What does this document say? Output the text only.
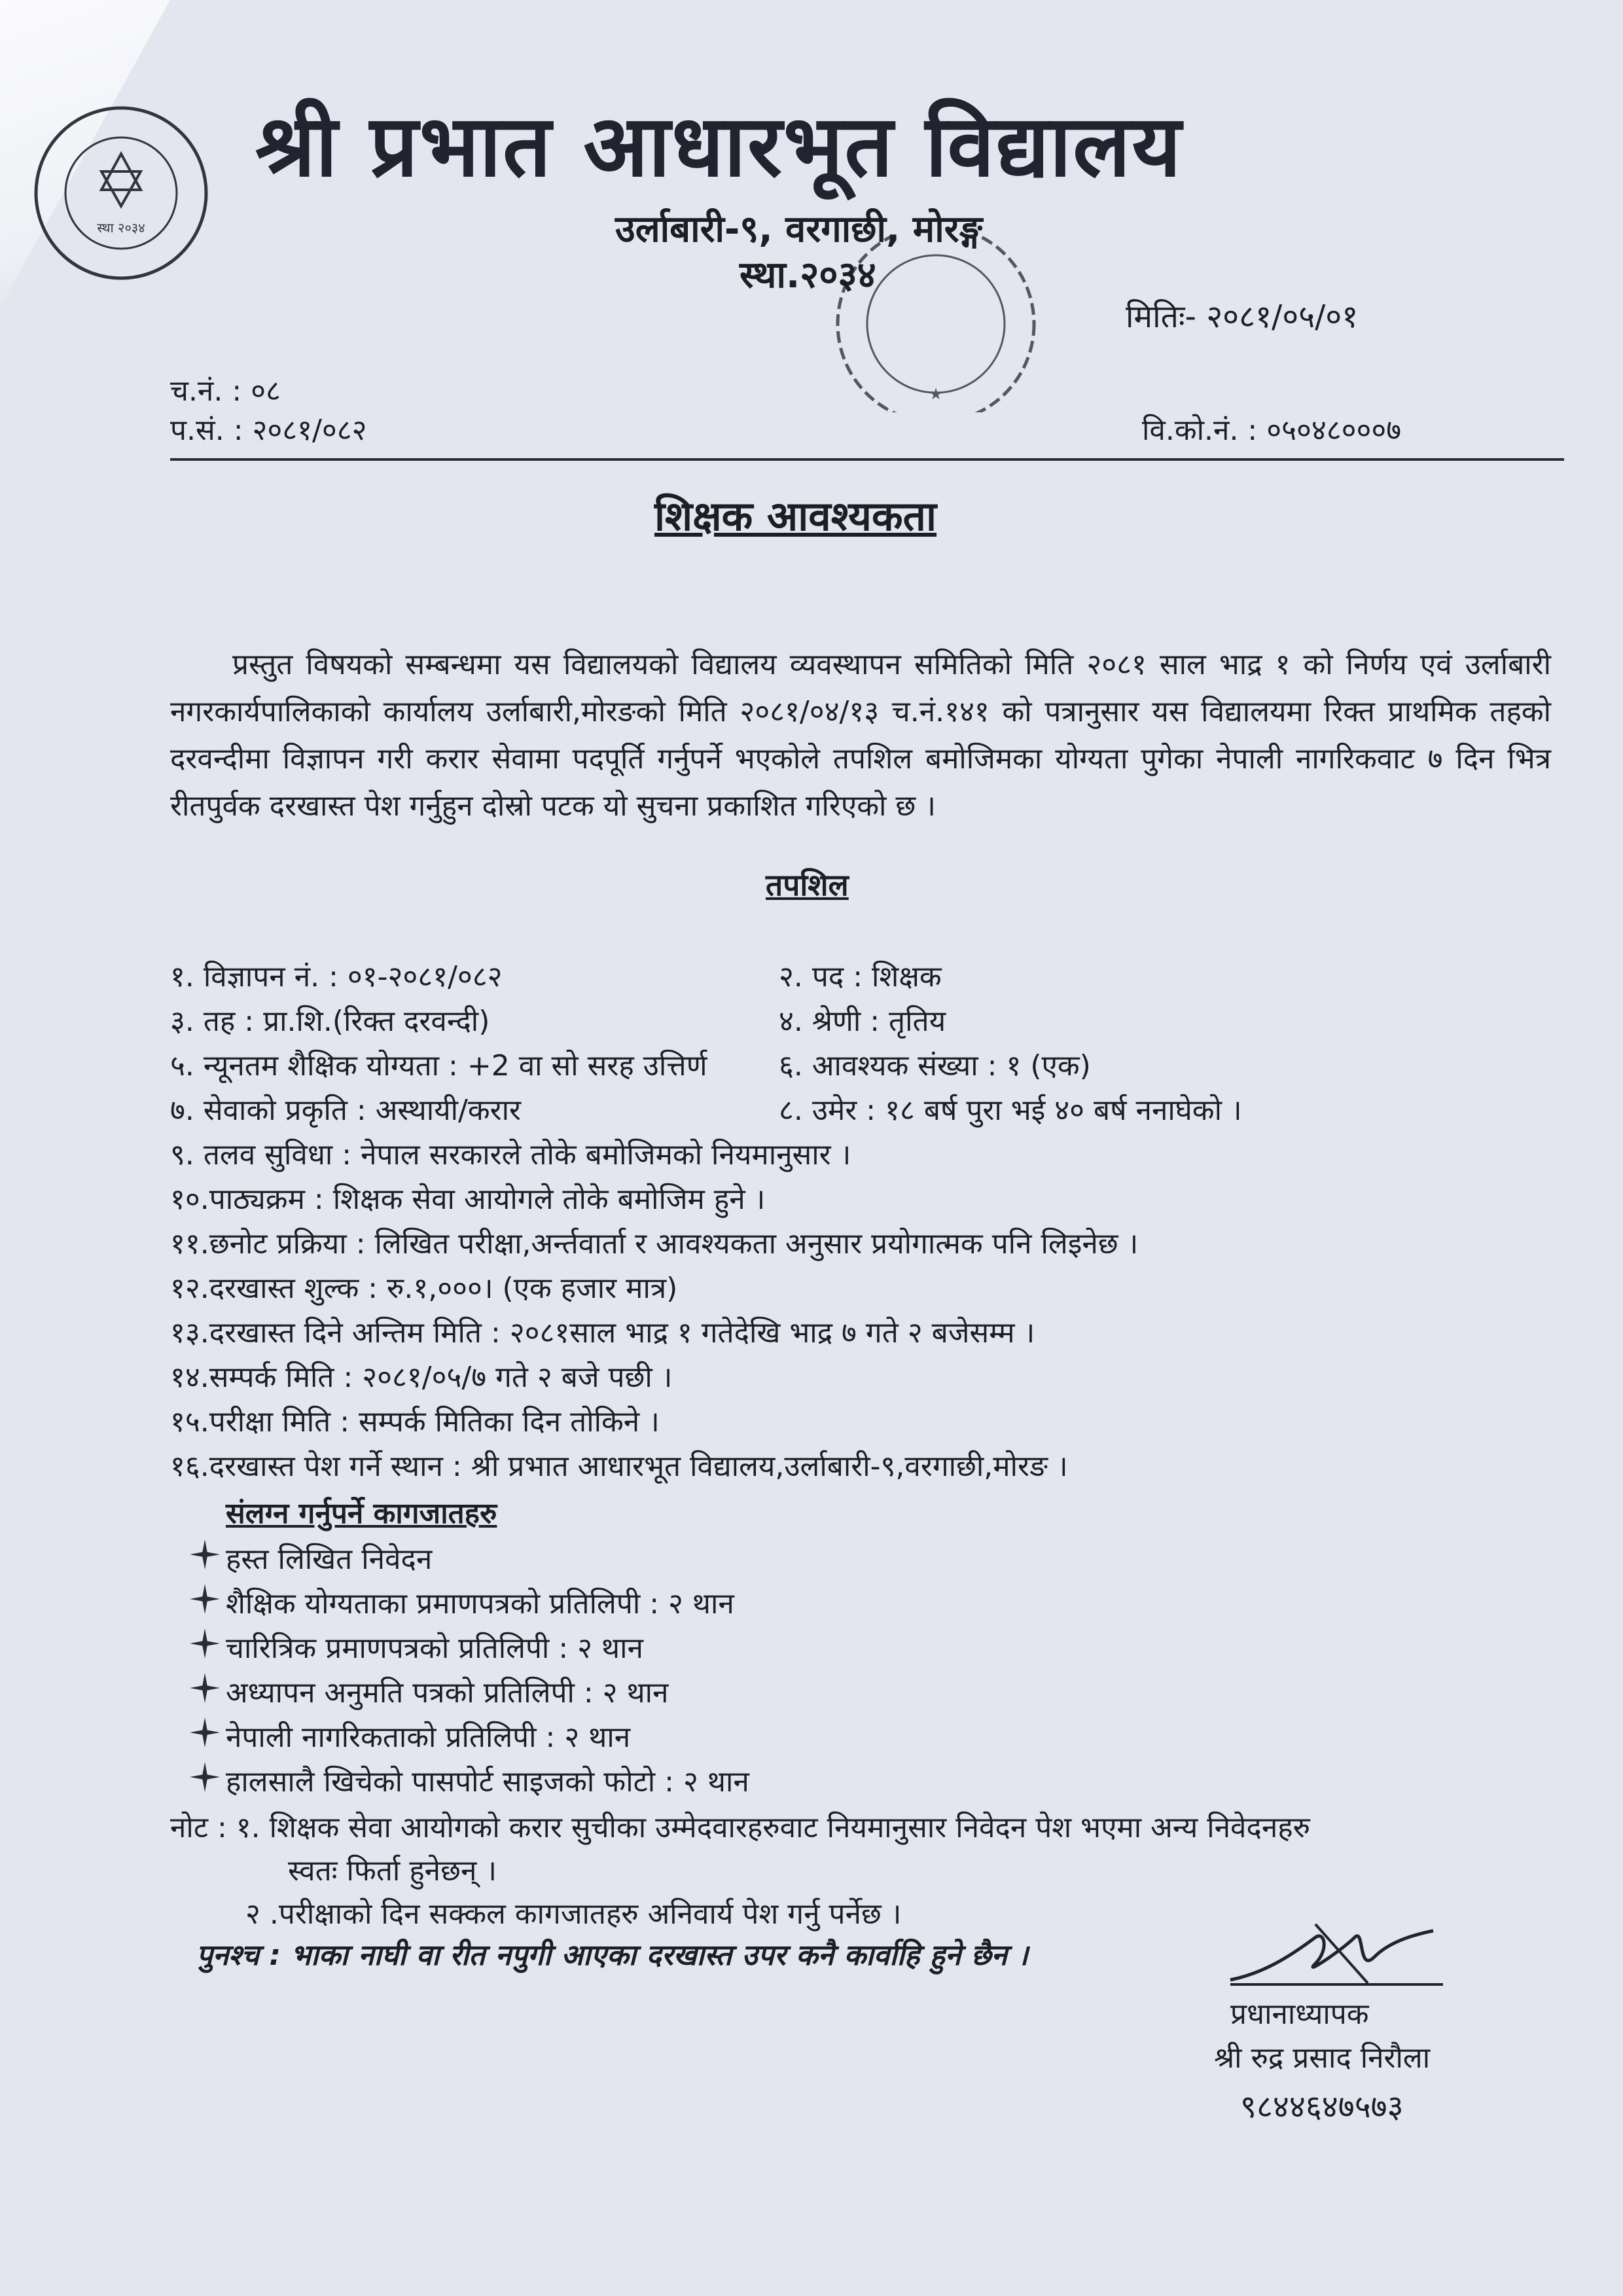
स्था २०३४
★
श्री प्रभात आधारभूत विद्यालय
उर्लाबारी-९, वरगाछी, मोरङ्ग
स्था.२०३४
मितिः- २०८१/०५/०१
च.नं. : ०८
प.सं. : २०८१/०८२	वि.को.नं. : ०५०४८०००७
शिक्षक आवश्यकता

प्रस्तुत विषयको सम्बन्धमा यस विद्यालयको विद्यालय व्यवस्थापन समितिको मिति २०८१ साल भाद्र १ को निर्णय एवं उर्लाबारी नगरकार्यपालिकाको कार्यालय उर्लाबारी,मोरङको मिति २०८१/०४/१३ च.नं.१४१ को पत्रानुसार यस विद्यालयमा रिक्त प्राथमिक तहको दरवन्दीमा विज्ञापन गरी करार सेवामा पदपूर्ति गर्नुपर्ने भएकोले तपशिल बमोजिमका योग्यता पुगेका नेपाली नागरिकवाट ७ दिन भित्र रीतपुर्वक दरखास्त पेश गर्नुहुन दोस्रो पटक यो सुचना प्रकाशित गरिएको छ ।

तपशिल
१. विज्ञापन नं. : ०१-२०८१/०८२	२. पद : शिक्षक
३. तह : प्रा.शि.(रिक्त दरवन्दी)	४. श्रेणी : तृतिय
५. न्यूनतम शैक्षिक योग्यता : +2 वा सो सरह उत्तिर्ण ६. आवश्यक संख्या : १ (एक)
७. सेवाको प्रकृति : अस्थायी/करार	८. उमेर : १८ बर्ष पुरा भई ४० बर्ष ननाघेको ।
९. तलव सुविधा : नेपाल सरकारले तोके बमोजिमको नियमानुसार ।
१०.पाठ्यक्रम : शिक्षक सेवा आयोगले तोके बमोजिम हुने ।
११.छनोट प्रक्रिया : लिखित परीक्षा,अर्न्तवार्ता र आवश्यकता अनुसार प्रयोगात्मक पनि लिइनेछ ।
१२.दरखास्त शुल्क : रु.१,०००। (एक हजार मात्र)
१३.दरखास्त दिने अन्तिम मिति : २०८१साल भाद्र १ गतेदेखि भाद्र ७ गते २ बजेसम्म ।
१४.सम्पर्क मिति : २०८१/०५/७ गते २ बजे पछी ।
१५.परीक्षा मिति : सम्पर्क मितिका दिन तोकिने ।
१६.दरखास्त पेश गर्ने स्थान : श्री प्रभात आधारभूत विद्यालय,उर्लाबारी-९,वरगाछी,मोरङ ।
संलग्न गर्नुपर्ने कागजातहरु
हस्त लिखित निवेदन
शैक्षिक योग्यताका प्रमाणपत्रको प्रतिलिपी : २ थान
चारित्रिक प्रमाणपत्रको प्रतिलिपी : २ थान
अध्यापन अनुमति पत्रको प्रतिलिपी : २ थान
नेपाली नागरिकताको प्रतिलिपी : २ थान
हालसालै खिचेको पासपोर्ट साइजको फोटो : २ थान
नोट : १. शिक्षक सेवा आयोगको करार सुचीका उम्मेदवारहरुवाट नियमानुसार निवेदन पेश भएमा अन्य निवेदनहरु
स्वतः फिर्ता हुनेछन् ।
२ .परीक्षाको दिन सक्कल कागजातहरु अनिवार्य पेश गर्नु पर्नेछ ।
पुनश्च : भाका नाघी वा रीत नपुगी आएका दरखास्त उपर कनै कार्वाहि हुने छैन ।
प्रधानाध्यापक
श्री रुद्र प्रसाद निरौला
९८४४६४७५७३
